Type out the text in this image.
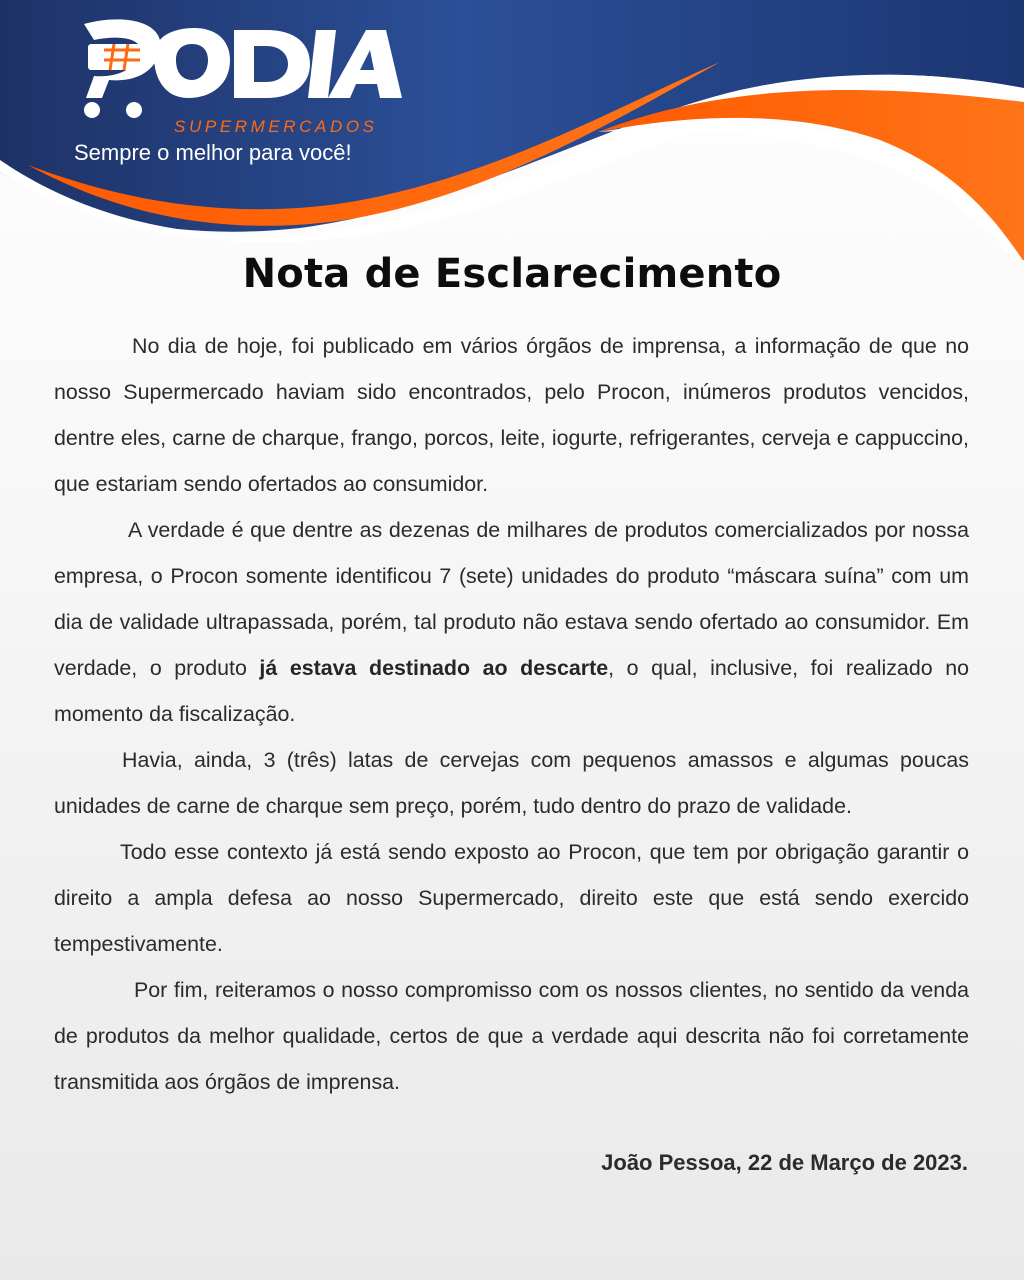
SUPERMERCADOS
Sempre o melhor para você!
Nota de Esclarecimento

No dia de hoje, foi publicado em vários órgãos de imprensa, a informação de que no nosso Supermercado haviam sido encontrados, pelo Procon, inúmeros produtos vencidos, dentre eles, carne de charque, frango, porcos, leite, iogurte, refrigerantes, cerveja e cappuccino, que estariam sendo ofertados ao consumidor.

A verdade é que dentre as dezenas de milhares de produtos comercializados por nossa empresa, o Procon somente identificou 7 (sete) unidades do produto “máscara suína” com um dia de validade ultrapassada, porém, tal produto não estava sendo ofertado ao consumidor. Em verdade, o produto já estava destinado ao descarte, o qual, inclusive, foi realizado no momento da fiscalização.

Havia, ainda, 3 (três) latas de cervejas com pequenos amassos e algumas poucas unidades de carne de charque sem preço, porém, tudo dentro do prazo de validade.

Todo esse contexto já está sendo exposto ao Procon, que tem por obrigação garantir o direito a ampla defesa ao nosso Supermercado, direito este que está sendo exercido tempestivamente.

Por fim, reiteramos o nosso compromisso com os nossos clientes, no sentido da venda de produtos da melhor qualidade, certos de que a verdade aqui descrita não foi corretamente transmitida aos órgãos de imprensa.

João Pessoa, 22 de Março de 2023.
